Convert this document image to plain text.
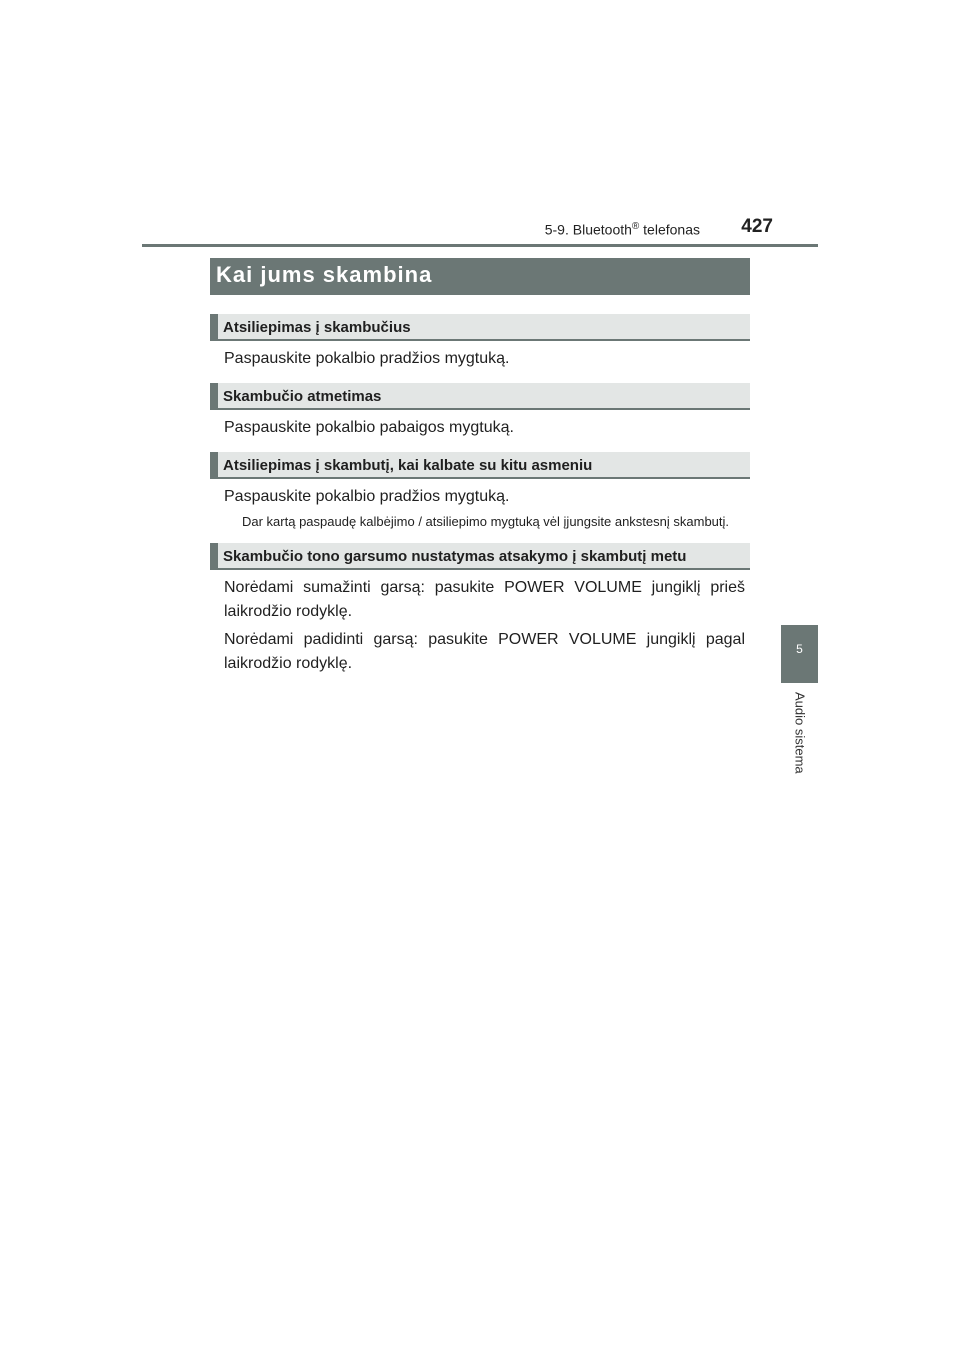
5-9. Bluetooth® telefonas 427
5
Audio sistema
Kai jums skambina
Atsiliepimas į skambučius
Paspauskite pokalbio pradžios mygtuką.
Skambučio atmetimas
Paspauskite pokalbio pabaigos mygtuką.
Atsiliepimas į skambutį, kai kalbate su kitu asmeniu
Paspauskite pokalbio pradžios mygtuką.
Dar kartą paspaudę kalbėjimo / atsiliepimo mygtuką vėl įjungsite ankstesnį skambutį.
Skambučio tono garsumo nustatymas atsakymo į skambutį metu
Norėdami sumažinti garsą: pasukite POWER VOLUME jungiklį prieš laikrodžio rodyklę.
Norėdami padidinti garsą: pasukite POWER VOLUME jungiklį pagal laikrodžio rodyklę.
